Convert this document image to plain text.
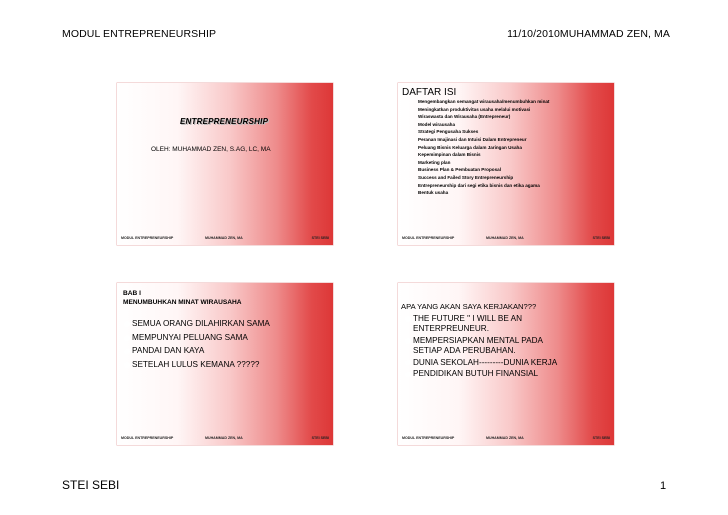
MODUL ENTREPRENEURSHIP	11/10/2010MUHAMMAD ZEN, MA
ENTREPRENEURSHIP
OLEH: MUHAMMAD ZEN, S.AG, LC, MA
MODUL ENTREPRENEURSHIP	MUHAMMAD ZEN, MA	STEI SEBI
DAFTAR ISI
1. Mengembangkan semangat wirausaha/menumbuhkan minat
2. Meningkatkan produktivitas usaha melalui motivasi
3. Wiraswasta dan Wirausaha (Entrepreneur)
4. Model wirausaha
5. Strategi Pengusaha Sukses
6. Peranan Imajinasi dan Intuisi Dalam Entrepreneur
7. Peluang Bisnis Keluarga dalam Jaringan Usaha
8. Kepemimpinan dalam Bisnis
9. Marketing plan
10. Business Plan & Pembuatan Proposal
11. Success and Failed Story Entrepreneurship
12. Entrepreneurship dari segi etika bisnis dan etika agama
13. Bentuk usaha
MODUL ENTREPRENEURSHIP	MUHAMMAD ZEN, MA	STEI SEBI
BAB I
MENUMBUHKAN MINAT WIRAUSAHA
SEMUA ORANG DILAHIRKAN SAMA
MEMPUNYAI PELUANG SAMA
PANDAI DAN KAYA
SETELAH LULUS KEMANA ?????
MODUL ENTREPRENEURSHIP	MUHAMMAD ZEN, MA	STEI SEBI
APA YANG AKAN SAYA KERJAKAN???
THE FUTURE " I WILL BE AN
ENTERPREUNEUR.
MEMPERSIAPKAN MENTAL PADA
SETIAP ADA PERUBAHAN.
DUNIA SEKOLAH---------DUNIA KERJA
PENDIDIKAN BUTUH FINANSIAL
MODUL ENTREPRENEURSHIP	MUHAMMAD ZEN, MA	STEI SEBI
STEI SEBI	1
